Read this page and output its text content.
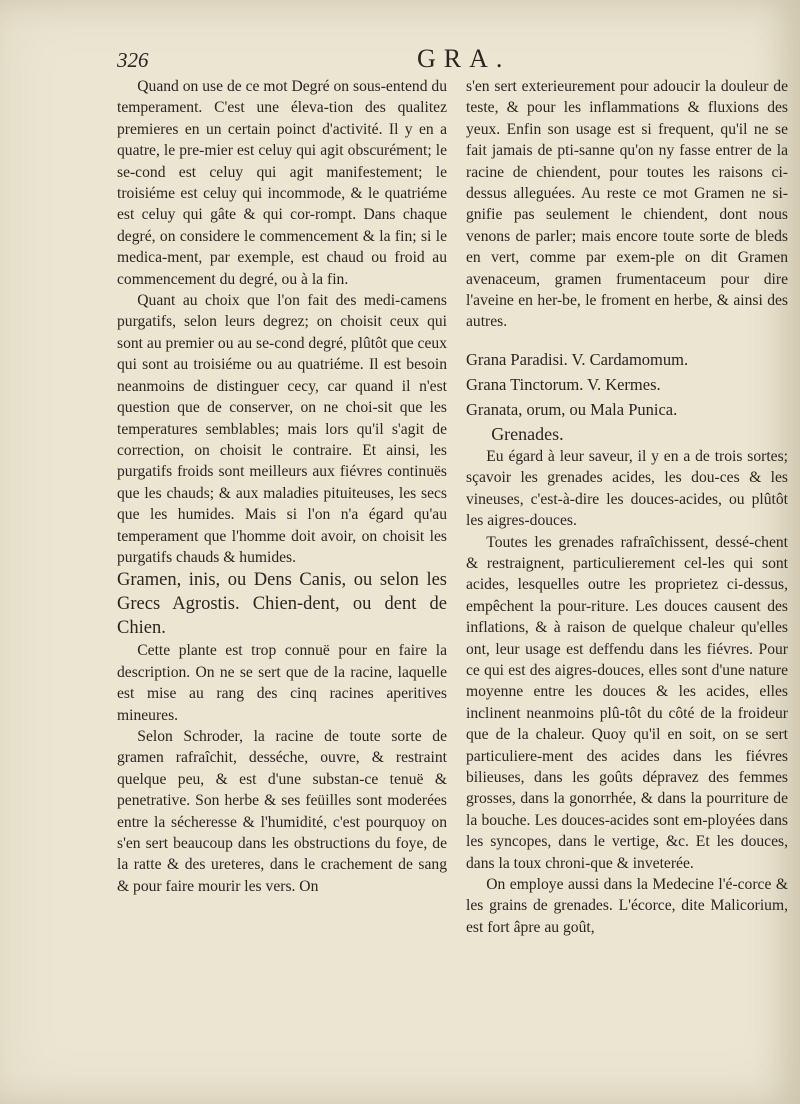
326	GRA.

Quand on use de ce mot Degré on sous-entend du temperament. C'est une éleva-tion des qualitez premieres en un certain poinct d'activité. Il y en a quatre, le pre-mier est celuy qui agit obscurément; le se-cond est celuy qui agit manifestement; le troisiéme est celuy qui incommode, & le quatriéme est celuy qui gâte & qui cor-rompt. Dans chaque degré, on considere le commencement & la fin; si le medica-ment, par exemple, est chaud ou froid au commencement du degré, ou à la fin.

Quant au choix que l'on fait des medi-camens purgatifs, selon leurs degrez; on choisit ceux qui sont au premier ou au se-cond degré, plûtôt que ceux qui sont au troisiéme ou au quatriéme. Il est besoin neanmoins de distinguer cecy, car quand il n'est question que de conserver, on ne choi-sit que les temperatures semblables; mais lors qu'il s'agit de correction, on choisit le contraire. Et ainsi, les purgatifs froids sont meilleurs aux fiévres continuës que les chauds; & aux maladies pituiteuses, les secs que les humides. Mais si l'on n'a égard qu'au temperament que l'homme doit avoir, on choisit les purgatifs chauds & humides.

Gramen, inis, ou Dens Canis, ou selon les Grecs Agrostis. Chien-dent, ou dent de Chien.

Cette plante est trop connuë pour en faire la description. On ne se sert que de la racine, laquelle est mise au rang des cinq racines aperitives mineures.

Selon Schroder, la racine de toute sorte de gramen rafraîchit, desséche, ouvre, & restraint quelque peu, & est d'une substan-ce tenuë & penetrative. Son herbe & ses feüilles sont moderées entre la sécheresse & l'humidité, c'est pourquoy on s'en sert beaucoup dans les obstructions du foye, de la ratte & des ureteres, dans le crachement de sang & pour faire mourir les vers. On

s'en sert exterieurement pour adoucir la douleur de teste, & pour les inflammations & fluxions des yeux. Enfin son usage est si frequent, qu'il ne se fait jamais de pti-sanne qu'on ny fasse entrer de la racine de chiendent, pour toutes les raisons ci-dessus alleguées. Au reste ce mot Gramen ne si-gnifie pas seulement le chiendent, dont nous venons de parler; mais encore toute sorte de bleds en vert, comme par exem-ple on dit Gramen avenaceum, gramen frumentaceum pour dire l'aveine en her-be, le froment en herbe, & ainsi des autres.

Grana Paradisi. V. Cardamomum.

Grana Tinctorum. V. Kermes.

Granata, orum, ou Mala Punica.

Grenades.

Eu égard à leur saveur, il y en a de trois sortes; sçavoir les grenades acides, les dou-ces & les vineuses, c'est-à-dire les douces-acides, ou plûtôt les aigres-douces.

Toutes les grenades rafraîchissent, dessé-chent & restraignent, particulierement cel-les qui sont acides, lesquelles outre les proprietez ci-dessus, empêchent la pour-riture. Les douces causent des inflations, & à raison de quelque chaleur qu'elles ont, leur usage est deffendu dans les fiévres. Pour ce qui est des aigres-douces, elles sont d'une nature moyenne entre les douces & les acides, elles inclinent neanmoins plû-tôt du côté de la froideur que de la chaleur. Quoy qu'il en soit, on se sert particuliere-ment des acides dans les fiévres bilieuses, dans les goûts dépravez des femmes grosses, dans la gonorrhée, & dans la pourriture de la bouche. Les douces-acides sont em-ployées dans les syncopes, dans le vertige, &c. Et les douces, dans la toux chroni-que & inveterée.

On employe aussi dans la Medecine l'é-corce & les grains de grenades. L'écorce, dite Malicorium, est fort âpre au goût,
